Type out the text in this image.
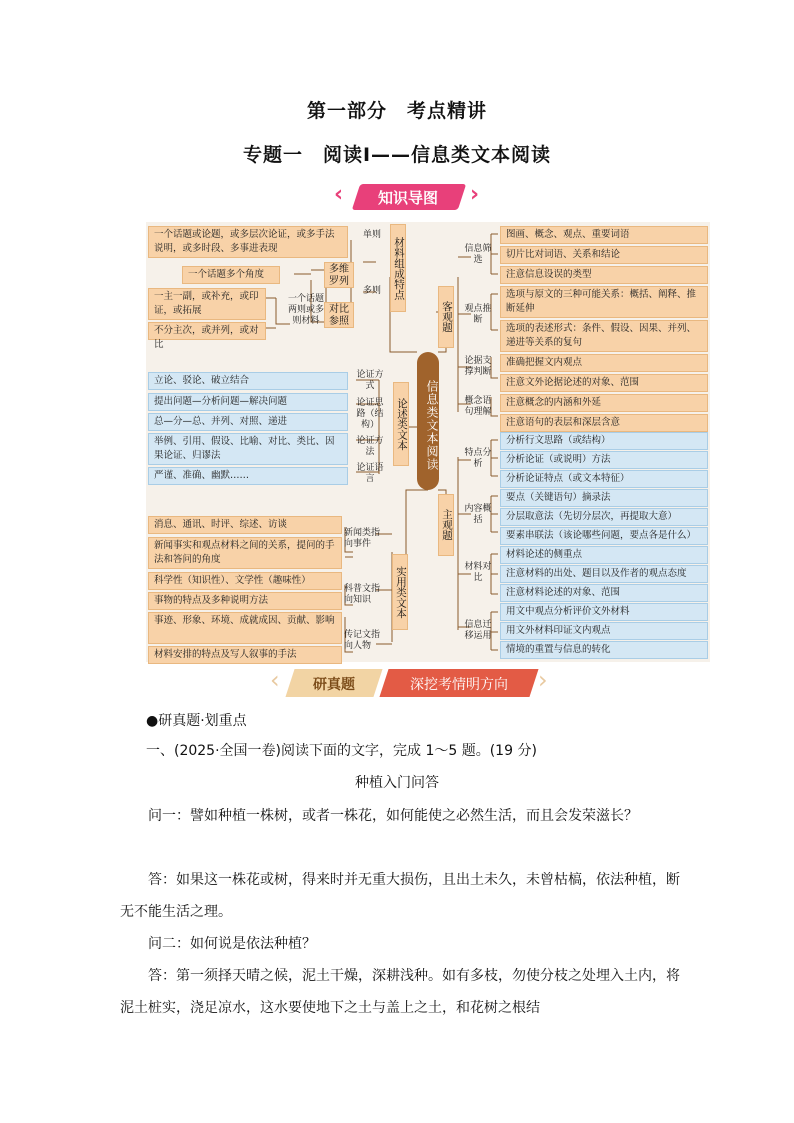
第一部分　考点精讲
专题一　阅读Ⅰ——信息类文本阅读
‹	知识导图	›
信息类文本阅读
材料组成特点
单则
多则
一个话题或论题，或多层次论证，或多手法说明，或多时段、多事进表现
多维罗列
一个话题多个角度
对比参照
一个话题两则或多则材料
一主一副，或补充，或印证，或拓展
不分主次，或并列，或对比
论述类文本
论证方式
论证思路（结构）
论证方法
论证语言
立论、驳论、破立结合
提出问题—分析问题—解决问题
总—分—总、并列、对照、递进
举例、引用、假设、比喻、对比、类比、因果论证、归谬法
严谨、准确、幽默……
实用类文本
新闻类指向事件
科普文指向知识
传记文指向人物
消息、通讯、时评、综述、访谈
新闻事实和观点材料之间的关系，提问的手法和答问的角度
科学性（知识性）、文学性（趣味性）
事物的特点及多种说明方法
事迹、形象、环境、成就成因、贡献、影响
材料安排的特点及写人叙事的手法
客观题
信息筛选
观点推断
论据支撑判断
概念语句理解
图画、概念、观点、重要词语
切片比对词语、关系和结论
注意信息设误的类型
选项与原文的三种可能关系：概括、阐释、推断延伸
选项的表述形式：条件、假设、因果、并列、递进等关系的复句
准确把握文内观点
注意文外论据论述的对象、范围
注意概念的内涵和外延
注意语句的表层和深层含意
主观题
特点分析
内容概括
材料对比
信息迁移运用
分析行文思路（或结构）
分析论证（或说明）方法
分析论证特点（或文本特征）
要点（关键语句）摘录法
分层取意法（先切分层次，再提取大意）
要素串联法（该论哪些问题，要点各是什么）
材料论述的侧重点
注意材料的出处、题目以及作者的观点态度
注意材料论述的对象、范围
用文中观点分析评价文外材料
用文外材料印证文内观点
情境的重置与信息的转化
‹	研真题	深挖考情明方向	›
●研真题·划重点
一、(2025·全国一卷)阅读下面的文字，完成 1～5 题。(19 分)
种植入门问答
问一：譬如种植一株树，或者一株花，如何能使之必然生活，而且会发荣滋长？
答：如果这一株花或树，得来时并无重大损伤，且出土未久，未曾枯槁，依法种植，断无不能生活之理。
问二：如何说是依法种植？
答：第一须择天晴之候，泥土干燥，深耕浅种。如有多枝，勿使分枝之处埋入土内，将泥土桩实，浇足凉水，这水要使地下之土与盖上之土，和花树之根结
